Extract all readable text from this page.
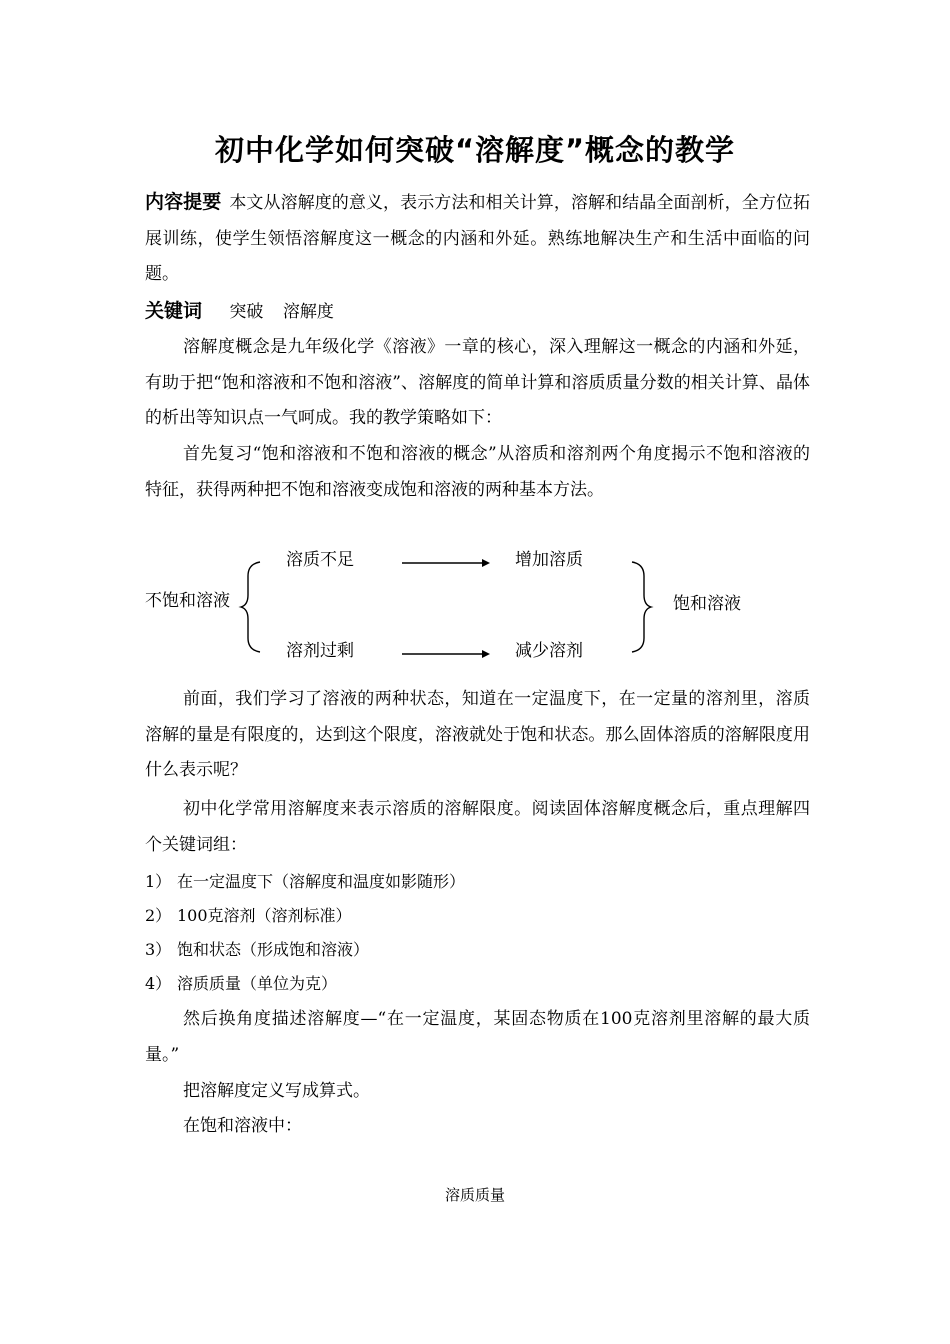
初中化学如何突破“溶解度”概念的教学
内容提要 本文从溶解度的意义，表示方法和相关计算，溶解和结晶全面剖析，全方位拓展训练，使学生领悟溶解度这一概念的内涵和外延。熟练地解决生产和生活中面临的问题。
关键词 突破 溶解度
溶解度概念是九年级化学《溶液》一章的核心，深入理解这一概念的内涵和外延，有助于把“饱和溶液和不饱和溶液”、溶解度的简单计算和溶质质量分数的相关计算、晶体的析出等知识点一气呵成。我的教学策略如下：
首先复习“饱和溶液和不饱和溶液的概念”从溶质和溶剂两个角度揭示不饱和溶液的特征，获得两种把不饱和溶液变成饱和溶液的两种基本方法。
不饱和溶液
溶质不足	增加溶质
溶剂过剩	减少溶剂
饱和溶液
前面，我们学习了溶液的两种状态，知道在一定温度下，在一定量的溶剂里，溶质溶解的量是有限度的，达到这个限度，溶液就处于饱和状态。那么固体溶质的溶解限度用什么表示呢？
初中化学常用溶解度来表示溶质的溶解限度。阅读固体溶解度概念后，重点理解四个关键词组：
1） 在一定温度下（溶解度和温度如影随形）
2） 100克溶剂（溶剂标准）
3） 饱和状态（形成饱和溶液）
4） 溶质质量（单位为克）
然后换角度描述溶解度—“在一定温度，某固态物质在100克溶剂里溶解的最大质量。”
把溶解度定义写成算式。
在饱和溶液中：
溶质质量
